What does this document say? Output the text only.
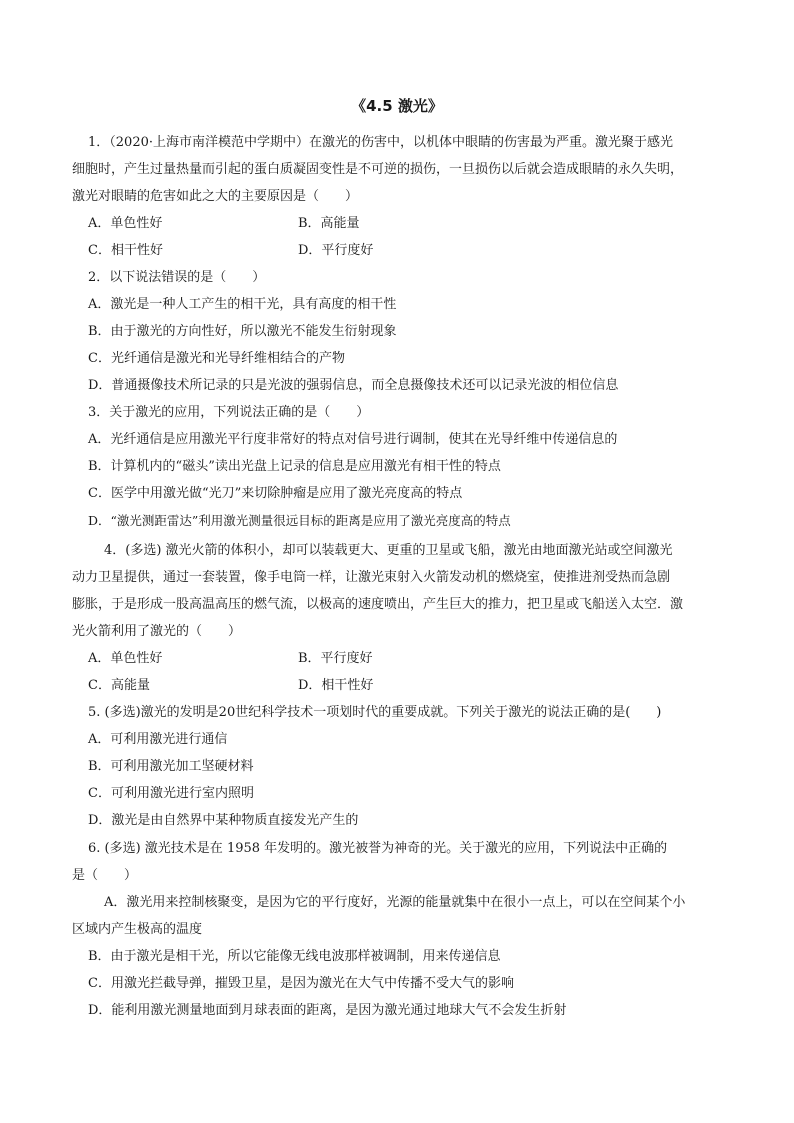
《4.5 激光》
1．（2020·上海市南洋模范中学期中）在激光的伤害中，以机体中眼睛的伤害最为严重。激光聚于感光
细胞时，产生过量热量而引起的蛋白质凝固变性是不可逆的损伤，一旦损伤以后就会造成眼睛的永久失明，
激光对眼睛的危害如此之大的主要原因是（　　）
A．单色性好	B．高能量
C．相干性好	D．平行度好
2．以下说法错误的是（　　）
A．激光是一种人工产生的相干光，具有高度的相干性
B．由于激光的方向性好，所以激光不能发生衍射现象
C．光纤通信是激光和光导纤维相结合的产物
D．普通摄像技术所记录的只是光波的强弱信息，而全息摄像技术还可以记录光波的相位信息
3．关于激光的应用，下列说法正确的是（　　）
A．光纤通信是应用激光平行度非常好的特点对信号进行调制，使其在光导纤维中传递信息的
B．计算机内的“磁头”读出光盘上记录的信息是应用激光有相干性的特点
C．医学中用激光做“光刀”来切除肿瘤是应用了激光亮度高的特点
D．“激光测距雷达”利用激光测量很远目标的距离是应用了激光亮度高的特点
4．(多选) 激光火箭的体积小，却可以装载更大、更重的卫星或飞船，激光由地面激光站或空间激光
动力卫星提供，通过一套装置，像手电筒一样，让激光束射入火箭发动机的燃烧室，使推进剂受热而急剧
膨胀，于是形成一股高温高压的燃气流，以极高的速度喷出，产生巨大的推力，把卫星或飞船送入太空．激
光火箭利用了激光的（　　）
A．单色性好	B．平行度好
C．高能量	D．相干性好
5. (多选)激光的发明是20世纪科学技术一项划时代的重要成就。下列关于激光的说法正确的是(　　)
A．可利用激光进行通信
B．可利用激光加工坚硬材料
C．可利用激光进行室内照明
D．激光是由自然界中某种物质直接发光产生的
6. (多选) 激光技术是在 1958 年发明的。激光被誉为神奇的光。关于激光的应用，下列说法中正确的
是（　　）
A．激光用来控制核聚变，是因为它的平行度好，光源的能量就集中在很小一点上，可以在空间某个小
区域内产生极高的温度
B．由于激光是相干光，所以它能像无线电波那样被调制，用来传递信息
C．用激光拦截导弹，摧毁卫星，是因为激光在大气中传播不受大气的影响
D．能利用激光测量地面到月球表面的距离，是因为激光通过地球大气不会发生折射
